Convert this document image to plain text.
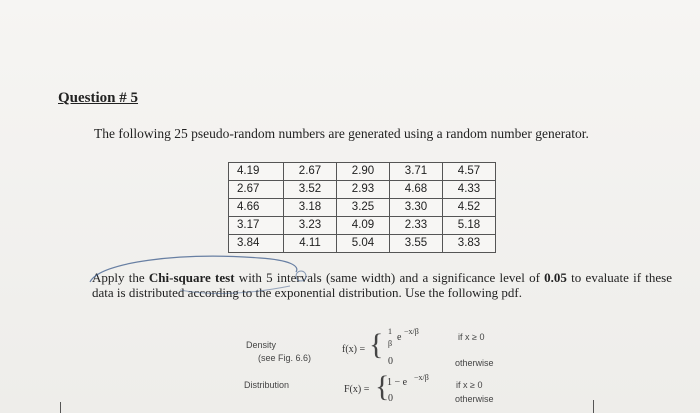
Question # 5
The following 25 pseudo-random numbers are generated using a random number generator.
4.19	2.67	2.90	3.71	4.57
2.67	3.52	2.93	4.68	4.33
4.66	3.18	3.25	3.30	4.52
3.17	3.23	4.09	2.33	5.18
3.84	4.11	5.04	3.55	3.83
Apply the Chi-square test with 5 intervals (same width) and a significance level of 0.05 to evaluate if these data is distributed according to the exponential distribution. Use the following pdf.
Density
(see Fig. 6.6)
f(x) = { 1
β
e
−x/β
if x ≥ 0
0	otherwise
Distribution	F(x) = {
1 − e −x/β
if x ≥ 0
0	otherwise
